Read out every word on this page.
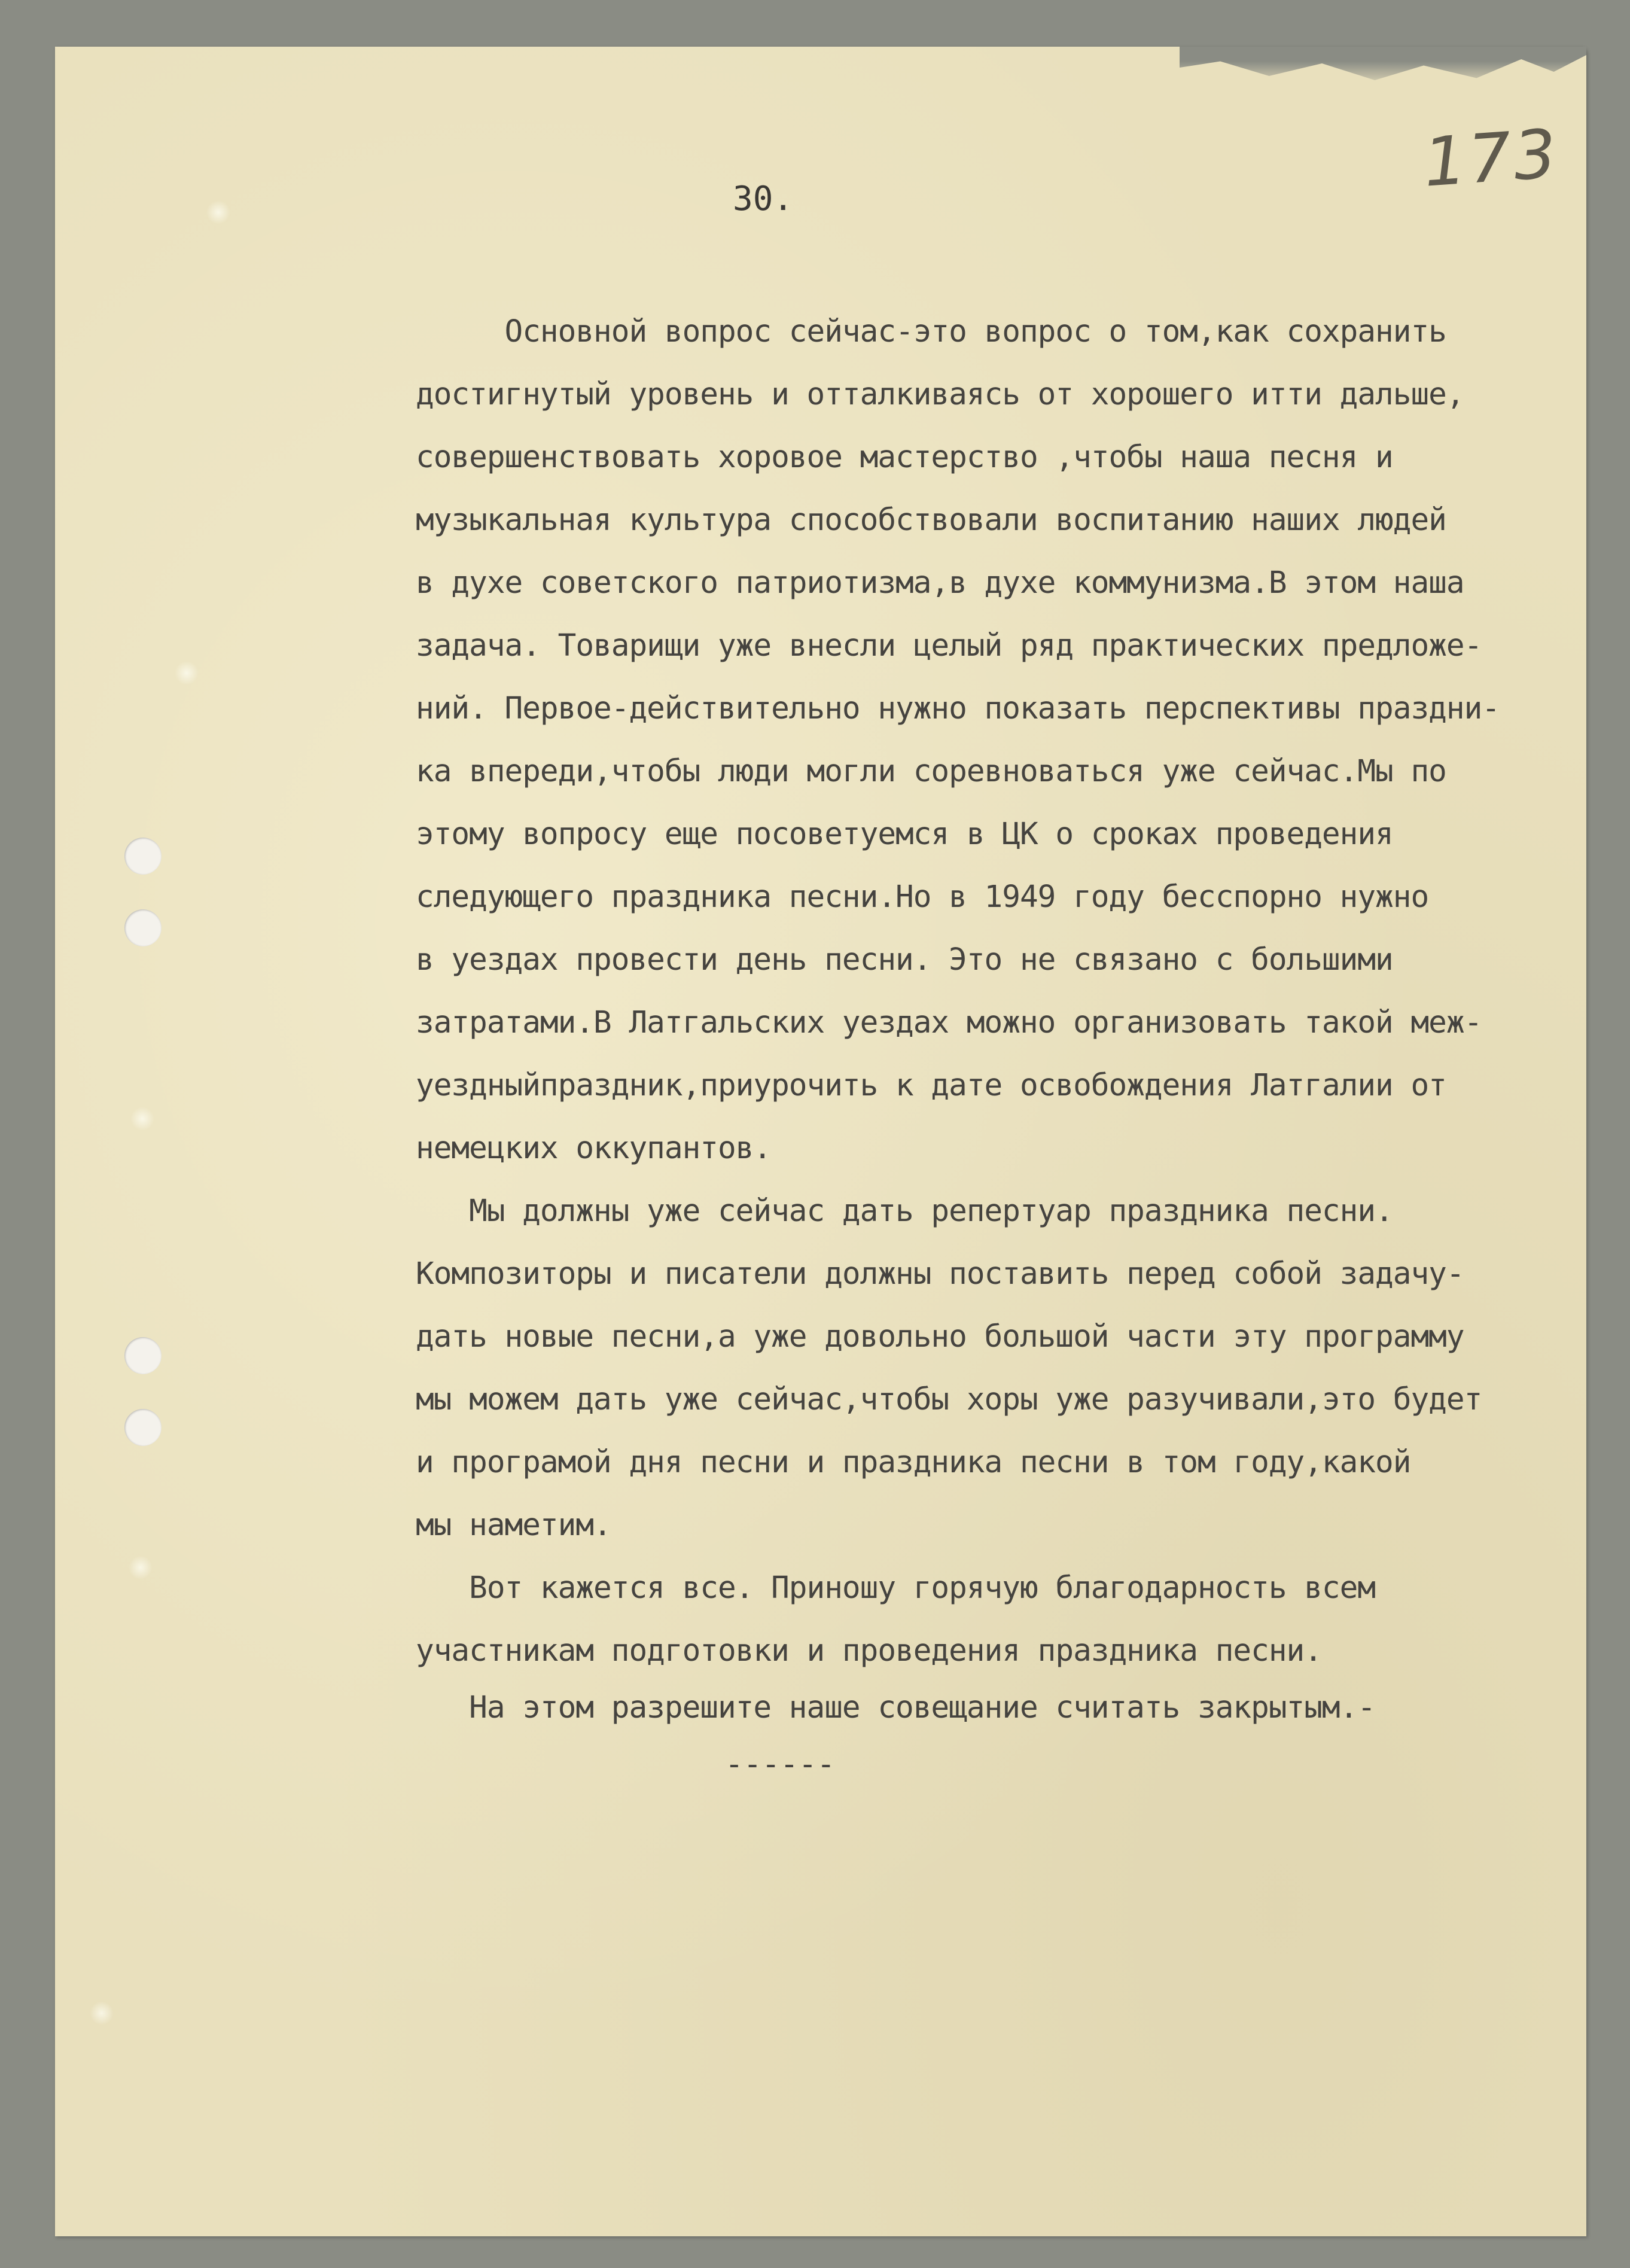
173
30.
Основной вопрос сейчас-это вопрос о том,как сохранить
достигнутый уровень и отталкиваясь от хорошего итти дальше,
совершенствовать хоровое мастерство ,чтобы наша песня и
музыкальная культура способствовали воспитанию наших людей
в духе советского патриотизма,в духе коммунизма.В этом наша
задача. Товарищи уже внесли целый ряд практических предложе-
ний. Первое-действительно нужно показать перспективы праздни-
ка впереди,чтобы люди могли соревноваться уже сейчас.Мы по
этому вопросу еще посоветуемся в ЦК о сроках проведения
следующего праздника песни.Но в 1949 году бесспорно нужно
в уездах провести день песни. Это не связано с большими
затратами.В Латгальских уездах можно организовать такой меж-
уездныйпраздник,приурочить к дате освобождения Латгалии от
немецких оккупантов.
Мы должны уже сейчас дать репертуар праздника песни.
Композиторы и писатели должны поставить перед собой задачу-
дать новые песни,а уже довольно большой части эту программу
мы можем дать уже сейчас,чтобы хоры уже разучивали,это будет
и програмой дня песни и праздника песни в том году,какой
мы наметим.
Вот кажется все. Приношу горячую благодарность всем
участникам подготовки и проведения праздника песни.
На этом разрешите наше совещание считать закрытым.-
------
